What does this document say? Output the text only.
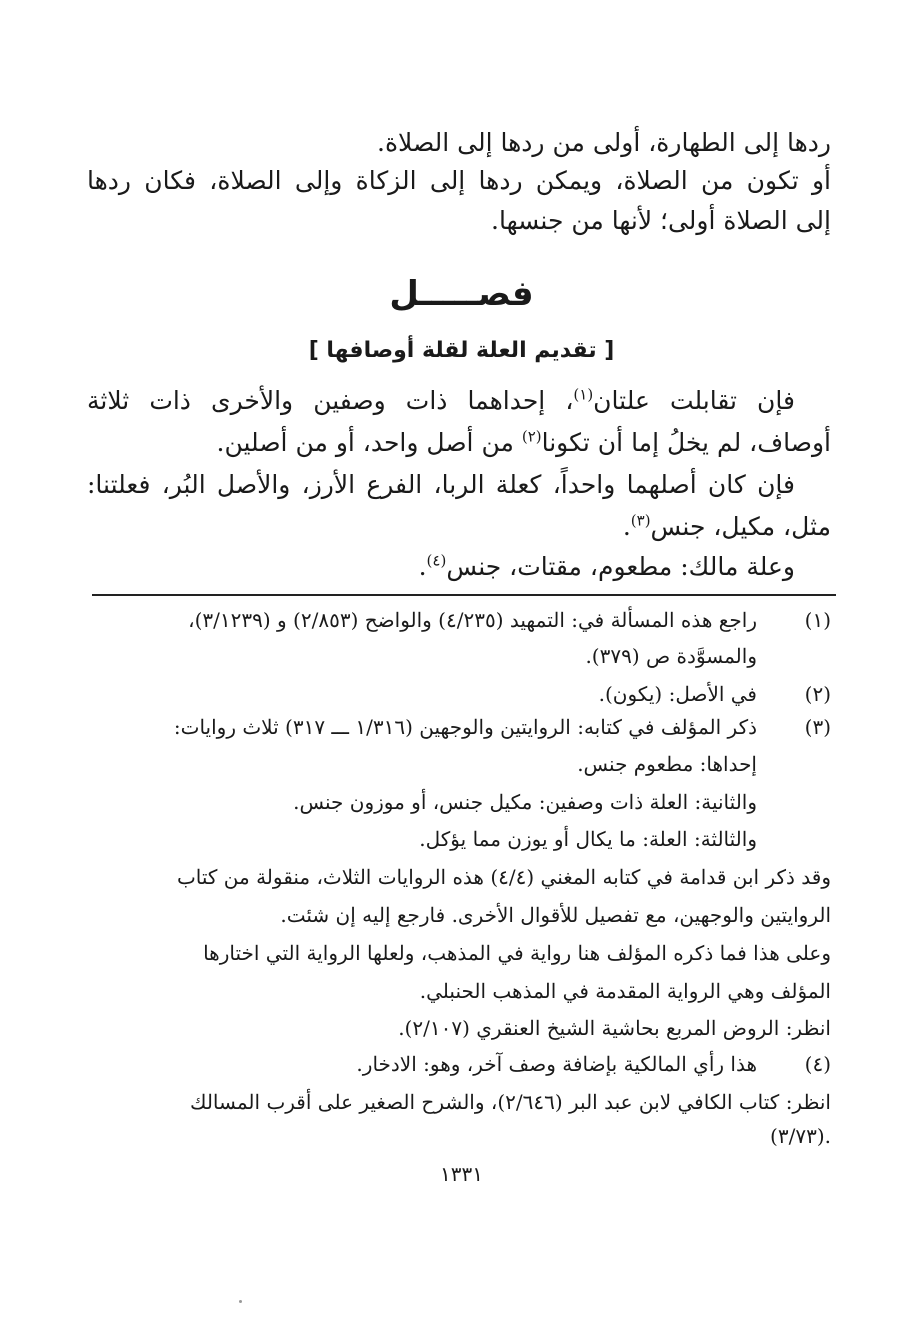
ردها إلى الطهارة، أولى من ردها إلى الصلاة.
أو تكون من الصلاة، ويمكن ردها إلى الزكاة وإلى الصلاة، فكان ردها
إلى الصلاة أولى؛ لأنها من جنسها.
فصـــــل
[ تقديم العلة لقلة أوصافها ]
فإن تقابلت علتان$^{(١)}$، إحداهما ذات وصفين والأخرى ذات ثلاثة
أوصاف، لم يخلُ إما أن تكونا$^{(٢)}$ من أصل واحد، أو من أصلين.
فإن كان أصلهما واحداً، كعلة الربا، الفرع الأرز، والأصل البُر، فعلتنا:
مثل، مكيل، جنس$^{(٣)}$.
وعلة مالك: مطعوم، مقتات، جنس$^{(٤)}$.
(١)
راجع هذه المسألة في: التمهيد (٤/٢٣٥) والواضح (٢/٨٥٣) و (٣/١٢٣٩)،
والمسوَّدة ص (٣٧٩).
(٢)
في الأصل: (يكون).
(٣)
ذكر المؤلف في كتابه: الروايتين والوجهين (١/٣١٦ ـــ ٣١٧) ثلاث روايات:
إحداها: مطعوم جنس.
والثانية: العلة ذات وصفين: مكيل جنس، أو موزون جنس.
والثالثة: العلة: ما يكال أو يوزن مما يؤكل.
وقد ذكر ابن قدامة في كتابه المغني (٤/٤) هذه الروايات الثلاث، منقولة من كتاب
الروايتين والوجهين، مع تفصيل للأقوال الأخرى. فارجع إليه إن شئت.
وعلى هذا فما ذكره المؤلف هنا رواية في المذهب، ولعلها الرواية التي اختارها
المؤلف وهي الرواية المقدمة في المذهب الحنبلي.
انظر: الروض المربع بحاشية الشيخ العنقري (٢/١٠٧).
(٤)
هذا رأي المالكية بإضافة وصف آخر، وهو: الادخار.
انظر: كتاب الكافي لابن عبد البر (٢/٦٤٦)، والشرح الصغير على أقرب المسالك
(٣/٧٣).
١٣٣١
